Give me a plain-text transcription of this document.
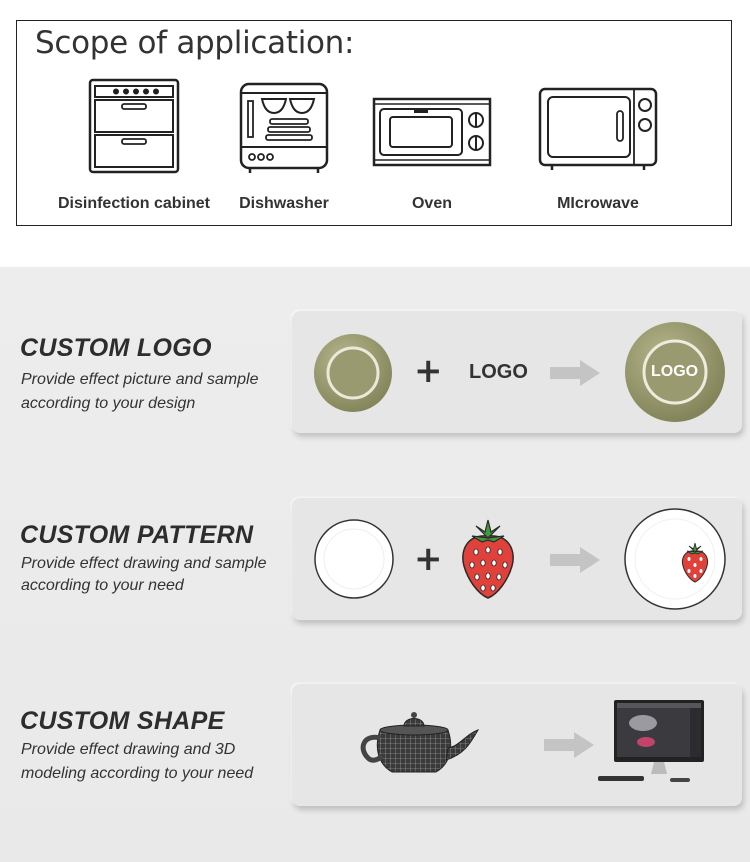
Scope of application:
Disinfection cabinet	Dishwasher	Oven	MIcrowave
CUSTOM LOGO
Provide effect picture and sample
according to your design
+ LOGO	LOGO
CUSTOM PATTERN
Provide effect drawing and sample
according to your need
+
CUSTOM SHAPE
Provide effect drawing and 3D
modeling according to your need
